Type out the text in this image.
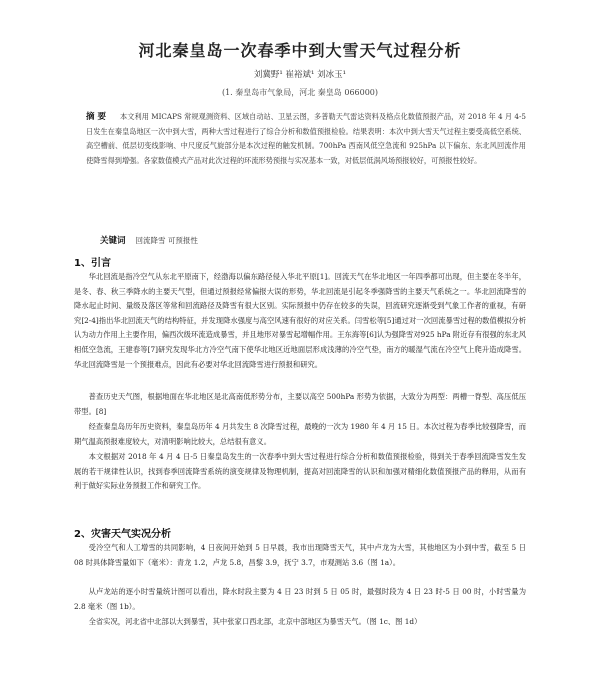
河北秦皇岛一次春季中到大雪天气过程分析
刘冀野¹ 崔裕斌¹ 刘冰玉¹
(1. 秦皇岛市气象局，河北 秦皇岛 066000)
摘 要 本文利用 MICAPS 常规观测资料、区域自动站、卫星云图，多普勒天气雷达资料及格点化数值预报产品，对 2018 年 4 月 4-5 日发生在秦皇岛地区一次中到大雪，两种大雪过程进行了综合分析和数值预报检验。结果表明：本次中到大雪天气过程主要受高低空系统、高空槽前、低层切变线影响、中尺度反气旋部分是本次过程的触发机制。700hPa 西南风低空急流和 925hPa 以下偏东、东北风回流作用使降雪得到增强。各家数值模式产品对此次过程的环流形势预报与实况基本一致，对低层低涡风场预报较好，可预报性较好。
关键词 回流降雪 可预报性
1、引言
华北回流是指冷空气从东北平原南下，经渤海以偏东路径侵入华北平原[1]。回流天气在华北地区一年四季都可出现，但主要在冬半年，是冬、春、秋三季降水的主要天气型，但通过预报经常偏报大误的形势，华北回流是引起冬季强降雪的主要天气系统之一。华北回流降雪的降水起止时间、量级及落区等常和回流路径及降雪有很大区别。实际预报中仍存在较多的失误，回流研究逐渐受到气象工作者的重视，有研究[2-4]指出华北回流天气的结构特征，并发现降水强度与高空风速有很好的对应关系。闫雪松等[5]通过对一次回流暴雪过程的数值模拟分析认为动力作用上主要作用，偏西次级环流造成暴雪，并且地形对暴雪起增幅作用。王东海等[6]认为强降雪对925 hPa 附近存有很强的东北风相低空急流，王建春等[7]研究发现华北方冷空气南下使华北地区近地面层形成浅薄的冷空气垫，南方的暖湿气流在冷空气上爬升造成降雪。华北回流降雪是一个预报难点，因此有必要对华北回流降雪进行预报和研究。
普查历史天气图，根据地面在华北地区是北高南低形势分布，主要以高空 500hPa 形势为依据，大致分为两型：两槽一脊型、高压低压带型。[8]
经查秦皇岛历年历史资料，秦皇岛历年 4 月共发生 8 次降雪过程，最晚的一次为 1980 年 4 月 15 日。本次过程为春季比较强降雪，而期气温高预报难度较大，对清明影响比较大，总结很有意义。
本文根据对 2018 年 4 月 4 日-5 日秦皇岛发生的一次春季中到大雪过程进行综合分析和数值预报检验，得到关于春季回流降雪发生发展的若干规律性认识，找到春季回流降雪系统的演变规律及物理机制，提高对回流降雪的认识和加强对精细化数值预报产品的释用，从而有利于做好实际业务预报工作和研究工作。
2、灾害天气实况分析
受冷空气和人工增雪的共同影响，4 日夜间开始到 5 日早晨，我市出现降雪天气，其中卢龙为大雪，其他地区为小到中雪，截至 5 日 08 时具体降雪量如下（毫米）：青龙 1.2，卢龙 5.8，昌黎 3.9，抚宁 3.7，市观测站 3.6（图 1a）。
从卢龙站的逐小时雪量统计图可以看出，降水时段主要为 4 日 23 时到 5 日 05 时，最强时段为 4 日 23 时-5 日 00 时，小时雪量为 2.8 毫米（图 1b）。
全省实况，河北省中北部以大到暴雪，其中张家口西北部，北京中部地区为暴雪天气。（图 1c、图 1d）
